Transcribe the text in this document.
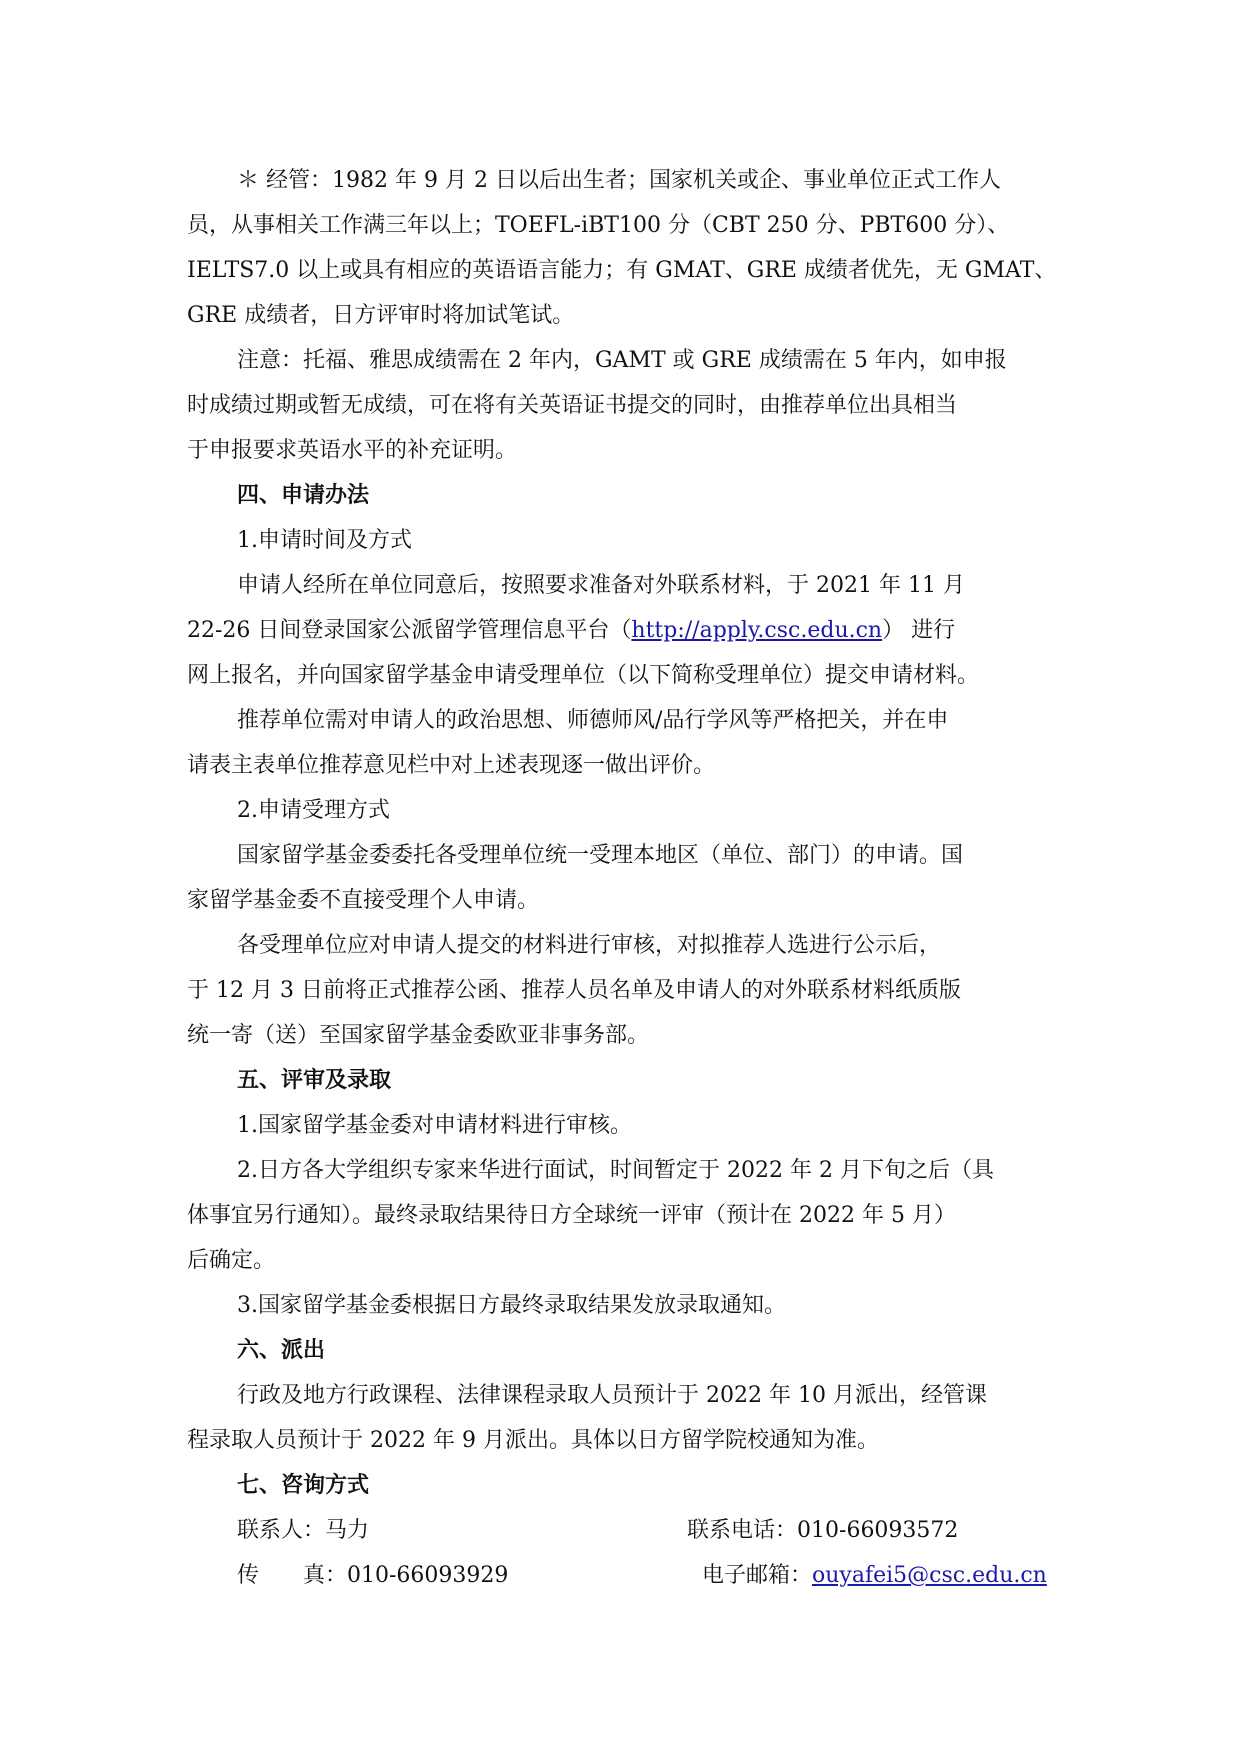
＊ 经管：1982 年 9 月 2 日以后出生者；国家机关或企、事业单位正式工作人
员，从事相关工作满三年以上；TOEFL-iBT100 分（CBT 250 分、PBT600 分）、
IELTS7.0 以上或具有相应的英语语言能力；有 GMAT、GRE 成绩者优先，无 GMAT、
GRE 成绩者，日方评审时将加试笔试。
注意：托福、雅思成绩需在 2 年内，GAMT 或 GRE 成绩需在 5 年内，如申报
时成绩过期或暂无成绩，可在将有关英语证书提交的同时，由推荐单位出具相当
于申报要求英语水平的补充证明。
四、申请办法
1.申请时间及方式
申请人经所在单位同意后，按照要求准备对外联系材料，于 2021 年 11 月
22-26 日间登录国家公派留学管理信息平台（http://apply.csc.edu.cn） 进行
网上报名，并向国家留学基金申请受理单位（以下简称受理单位）提交申请材料。
推荐单位需对申请人的政治思想、师德师风/品行学风等严格把关，并在申
请表主表单位推荐意见栏中对上述表现逐一做出评价。
2.申请受理方式
国家留学基金委委托各受理单位统一受理本地区（单位、部门）的申请。国
家留学基金委不直接受理个人申请。
各受理单位应对申请人提交的材料进行审核，对拟推荐人选进行公示后，
于 12 月 3 日前将正式推荐公函、推荐人员名单及申请人的对外联系材料纸质版
统一寄（送）至国家留学基金委欧亚非事务部。
五、评审及录取
1.国家留学基金委对申请材料进行审核。
2.日方各大学组织专家来华进行面试，时间暂定于 2022 年 2 月下旬之后（具
体事宜另行通知）。最终录取结果待日方全球统一评审（预计在 2022 年 5 月）
后确定。
3.国家留学基金委根据日方最终录取结果发放录取通知。
六、派出
行政及地方行政课程、法律课程录取人员预计于 2022 年 10 月派出，经管课
程录取人员预计于 2022 年 9 月派出。具体以日方留学院校通知为准。
七、咨询方式
联系人：马力	联系电话：010-66093572
传 真： 010-66093929	电子邮箱：ouyafei5@csc.edu.cn
